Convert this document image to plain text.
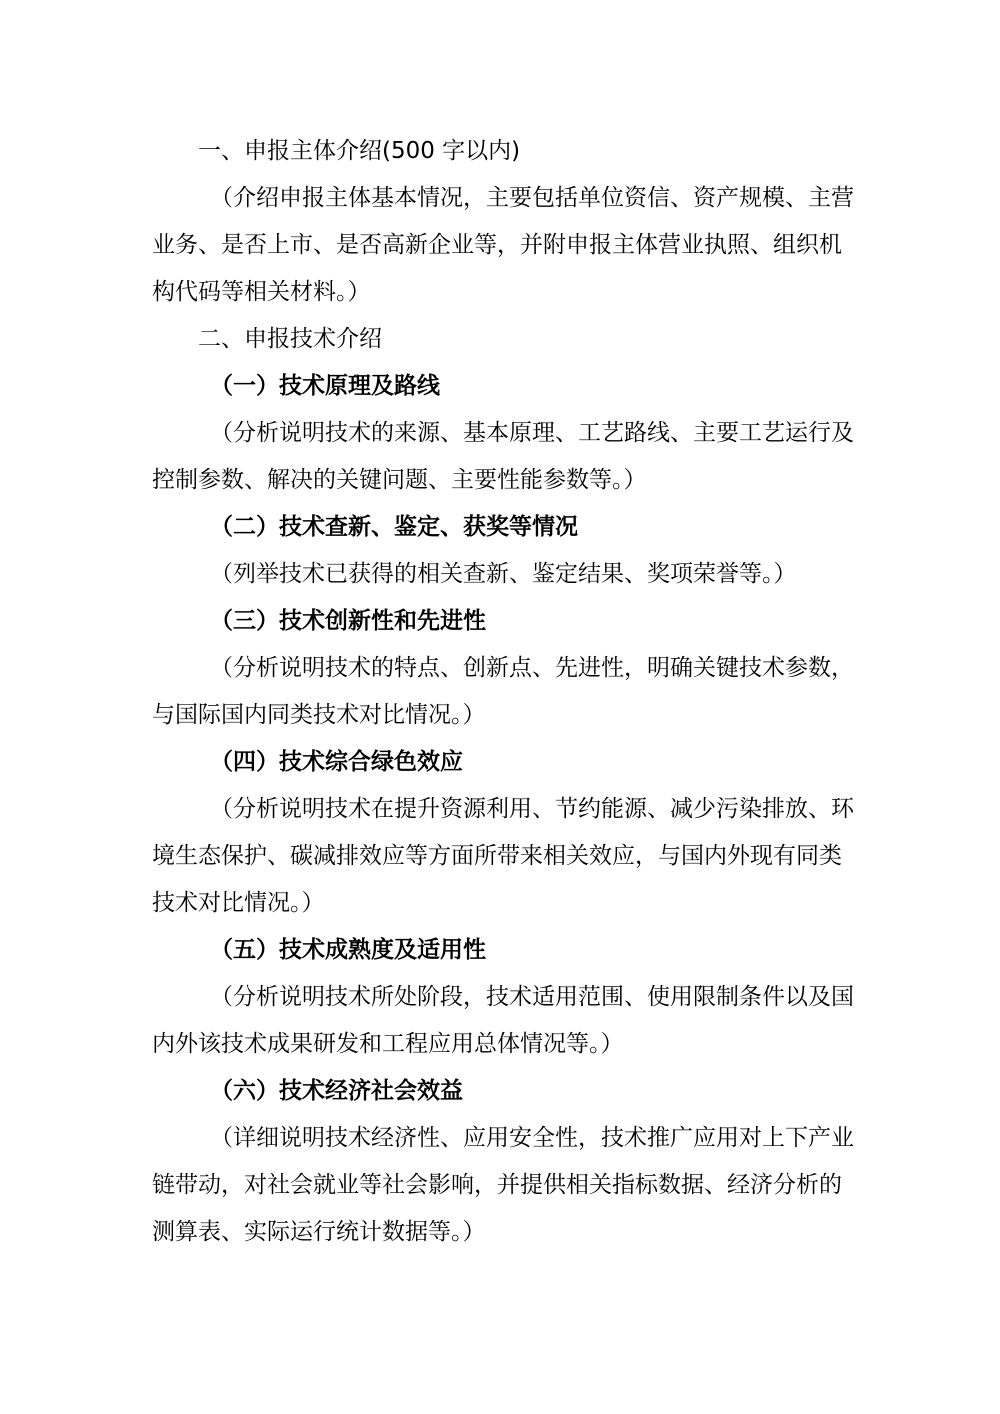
一、申报主体介绍(500 字以内)

（介绍申报主体基本情况，主要包括单位资信、资产规模、主营

业务、是否上市、是否高新企业等，并附申报主体营业执照、组织机

构代码等相关材料。）

二、申报技术介绍

（一）技术原理及路线

（分析说明技术的来源、基本原理、工艺路线、主要工艺运行及

控制参数、解决的关键问题、主要性能参数等。）

（二）技术查新、鉴定、获奖等情况

（列举技术已获得的相关查新、鉴定结果、奖项荣誉等。）

（三）技术创新性和先进性

（分析说明技术的特点、创新点、先进性，明确关键技术参数，

与国际国内同类技术对比情况。）

（四）技术综合绿色效应

（分析说明技术在提升资源利用、节约能源、减少污染排放、环

境生态保护、碳减排效应等方面所带来相关效应，与国内外现有同类

技术对比情况。）

（五）技术成熟度及适用性

（分析说明技术所处阶段，技术适用范围、使用限制条件以及国

内外该技术成果研发和工程应用总体情况等。）

（六）技术经济社会效益

（详细说明技术经济性、应用安全性，技术推广应用对上下产业

链带动，对社会就业等社会影响，并提供相关指标数据、经济分析的

测算表、实际运行统计数据等。）
